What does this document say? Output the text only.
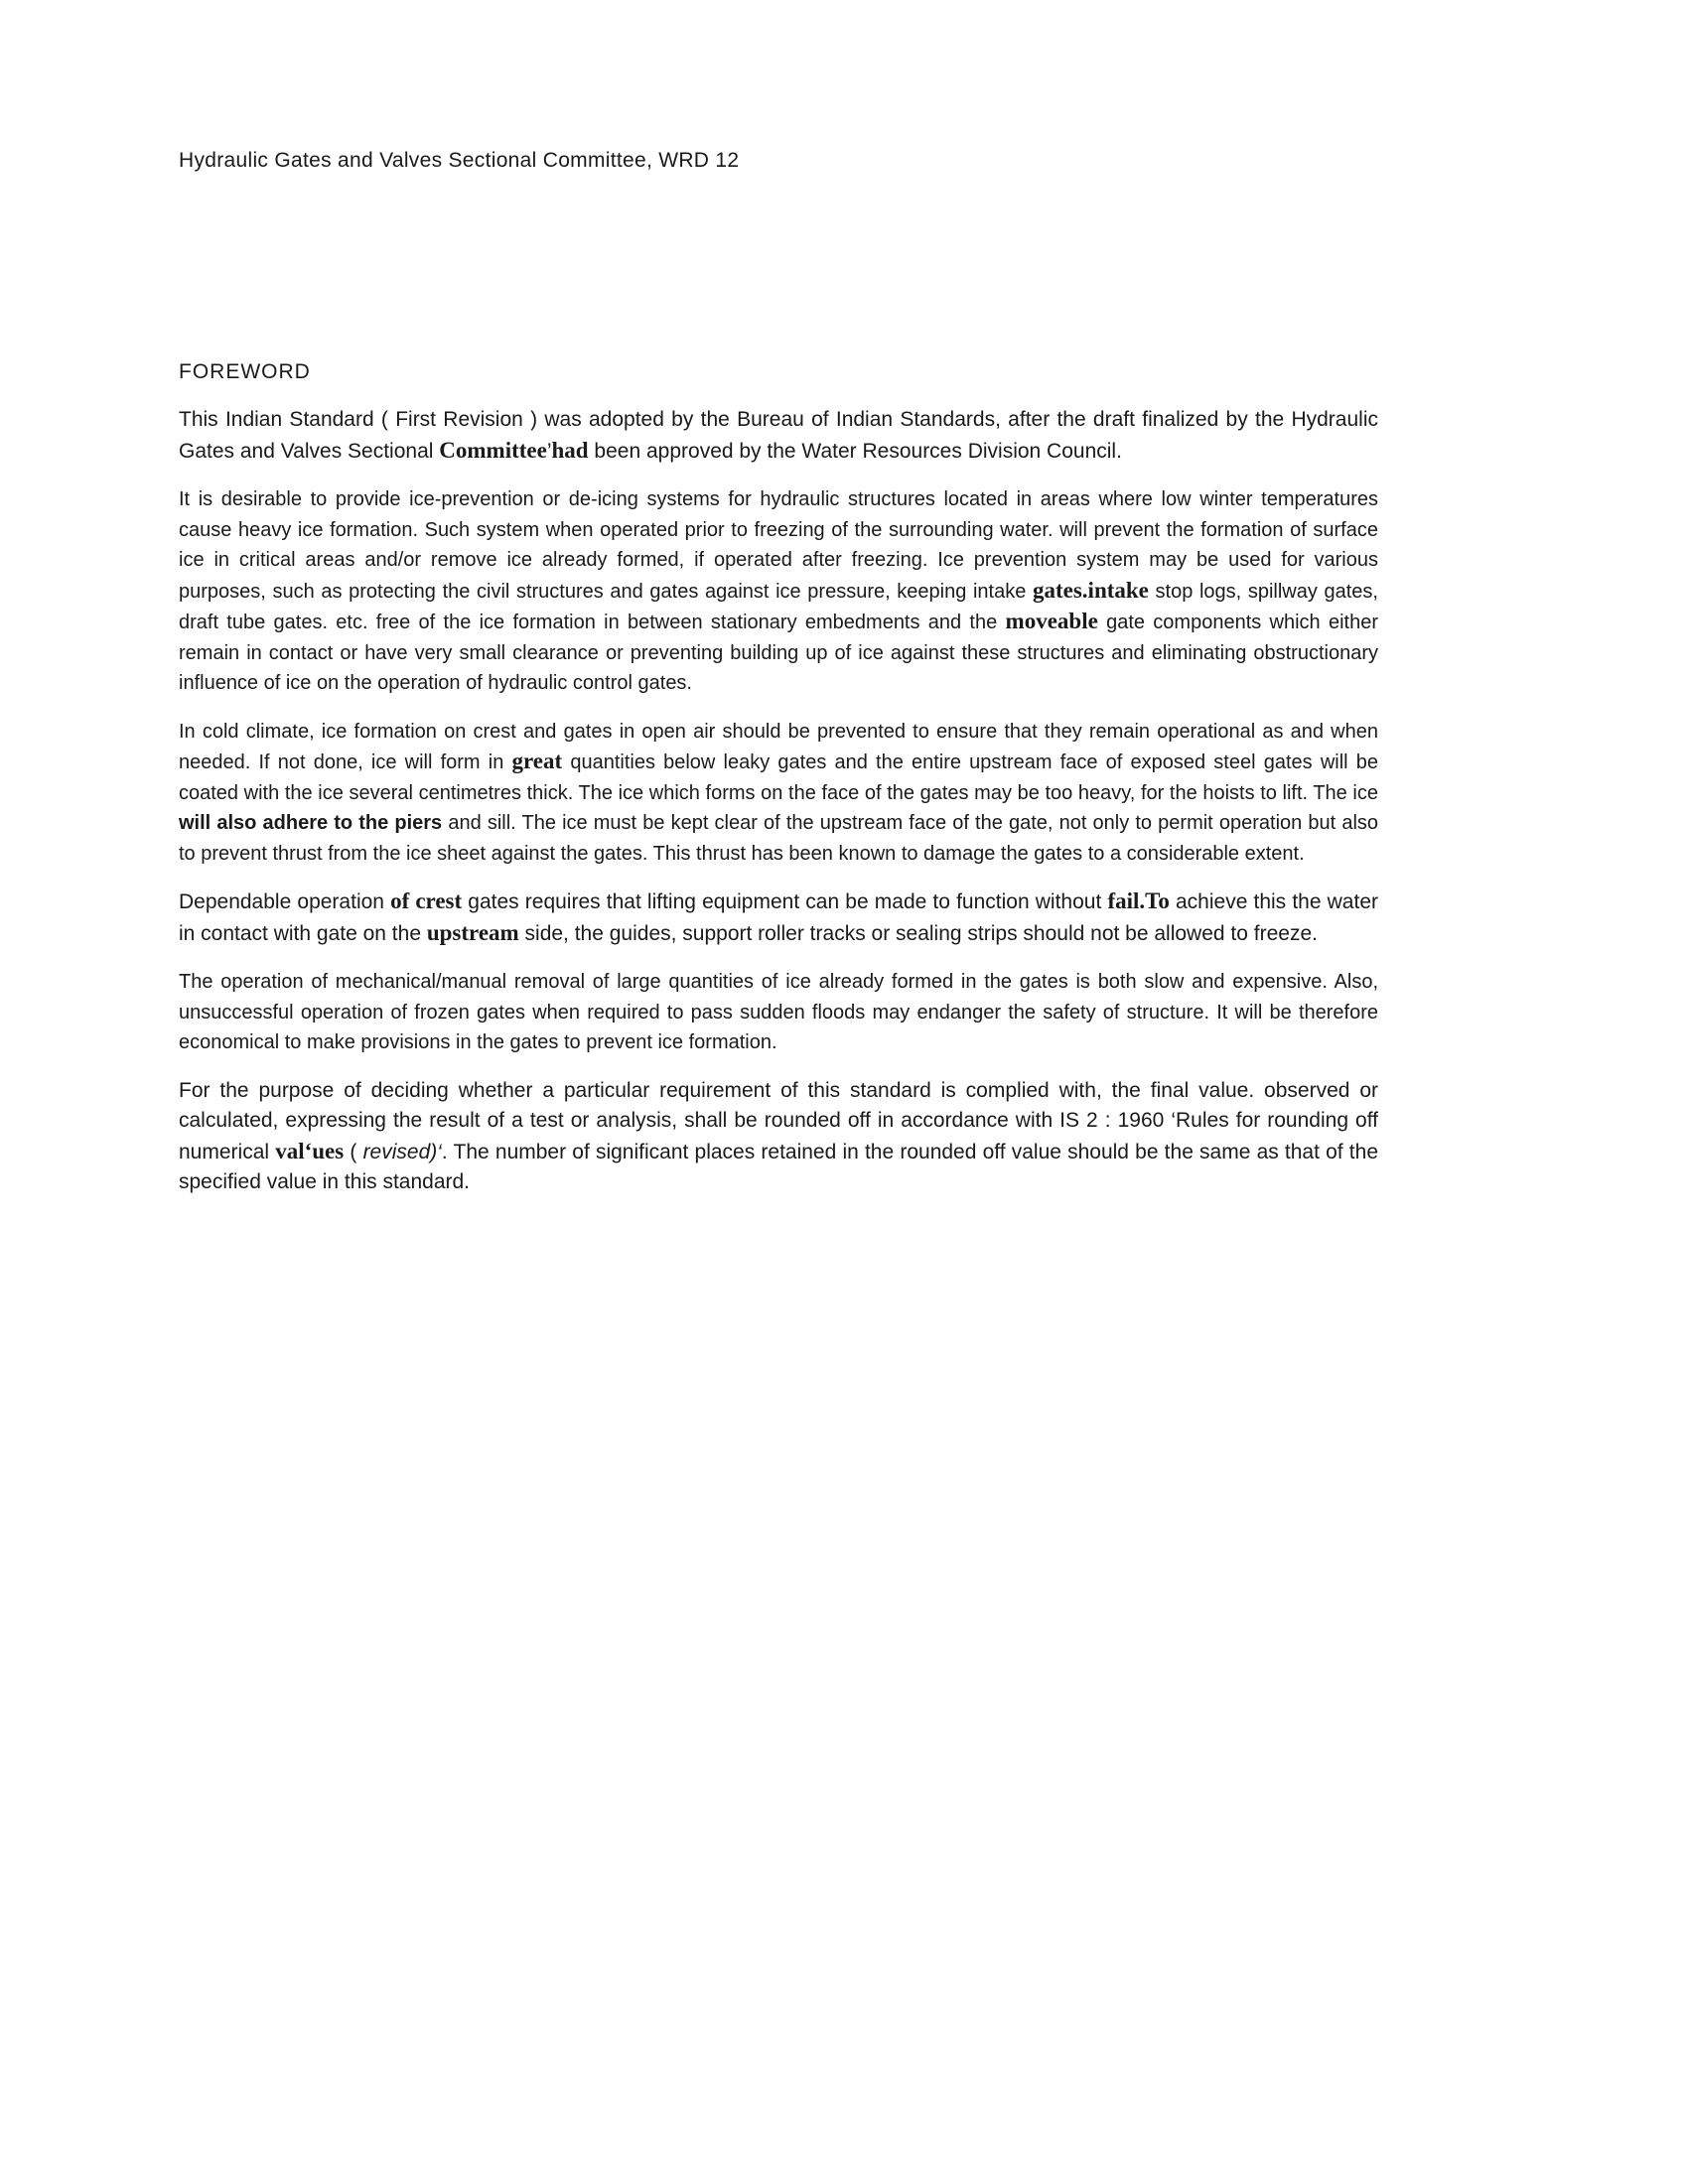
Hydraulic Gates and Valves Sectional Committee, WRD 12
FOREWORD

This Indian Standard ( First Revision ) was adopted by the Bureau of Indian Standards, after the draft finalized by the Hydraulic Gates and Valves Sectional Committee’had been approved by the Water Resources Division Council.

It is desirable to provide ice-prevention or de-icing systems for hydraulic structures located in areas where low winter temperatures cause heavy ice formation. Such system when operated prior to freezing of the surrounding water. will prevent the formation of surface ice in critical areas and/or remove ice already formed, if operated after freezing. Ice prevention system may be used for various purposes, such as protecting the civil structures and gates against ice pressure, keeping intake gates.intake stop logs, spillway gates, draft tube gates. etc. free of the ice formation in between stationary embedments and the moveable gate components which either remain in contact or have very small clearance or preventing building up of ice against these structures and eliminating obstructionary influence of ice on the operation of hydraulic control gates.

In cold climate, ice formation on crest and gates in open air should be prevented to ensure that they remain operational as and when needed. If not done, ice will form in great quantities below leaky gates and the entire upstream face of exposed steel gates will be coated with the ice several centimetres thick. The ice which forms on the face of the gates may be too heavy, for the hoists to lift. The ice will also adhere to the piers and sill. The ice must be kept clear of the upstream face of the gate, not only to permit operation but also to prevent thrust from the ice sheet against the gates. This thrust has been known to damage the gates to a considerable extent.

Dependable operation of crest gates requires that lifting equipment can be made to function without fail.To achieve this the water in contact with gate on the upstream side, the guides, support roller tracks or sealing strips should not be allowed to freeze.

The operation of mechanical/manual removal of large quantities of ice already formed in the gates is both slow and expensive. Also, unsuccessful operation of frozen gates when required to pass sudden floods may endanger the safety of structure. It will be therefore economical to make provisions in the gates to prevent ice formation.

For the purpose of deciding whether a particular requirement of this standard is complied with, the final value. observed or calculated, expressing the result of a test or analysis, shall be rounded off in accordance with IS 2 : 1960 ‘Rules for rounding off numerical val‘ues ( revised)‘. The number of significant places retained in the rounded off value should be the same as that of the specified value in this standard.
